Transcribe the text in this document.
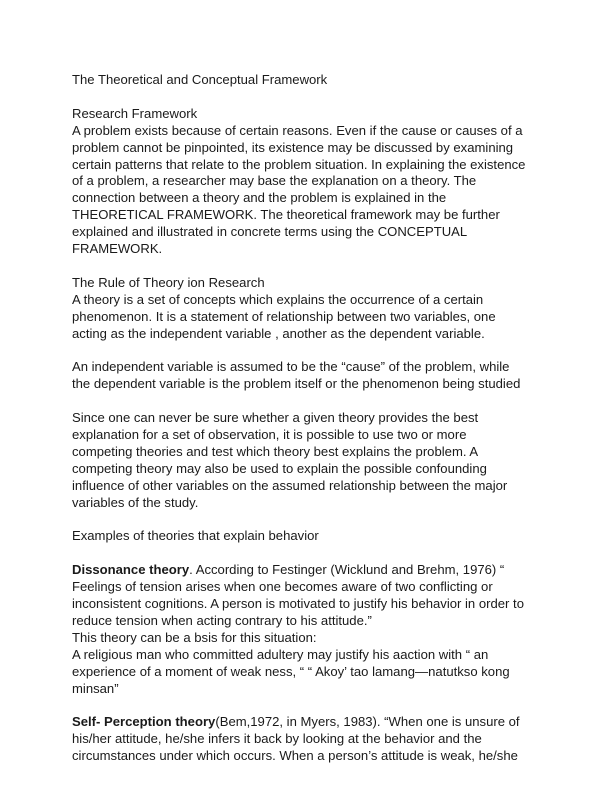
The Theoretical and Conceptual Framework

Research Framework

A problem exists because of certain reasons. Even if the cause or causes of a

problem cannot be pinpointed, its existence may be discussed by examining

certain patterns that relate to the problem situation. In explaining the existence

of a problem, a researcher may base the explanation on a theory. The

connection between a theory and the problem is explained in the

THEORETICAL FRAMEWORK. The theoretical framework may be further

explained and illustrated in concrete terms using the CONCEPTUAL

FRAMEWORK.

The Rule of Theory ion Research

A theory is a set of concepts which explains the occurrence of a certain

phenomenon. It is a statement of relationship between two variables, one

acting as the independent variable , another as the dependent variable.

An independent variable is assumed to be the “cause” of the problem, while

the dependent variable is the problem itself or the phenomenon being studied

Since one can never be sure whether a given theory provides the best

explanation for a set of observation, it is possible to use two or more

competing theories and test which theory best explains the problem. A

competing theory may also be used to explain the possible confounding

influence of other variables on the assumed relationship between the major

variables of the study.

Examples of theories that explain behavior

Dissonance theory. According to Festinger (Wicklund and Brehm, 1976) “

Feelings of tension arises when one becomes aware of two conflicting or

inconsistent cognitions. A person is motivated to justify his behavior in order to

reduce tension when acting contrary to his attitude.”

This theory can be a bsis for this situation:

A religious man who committed adultery may justify his aaction with “ an

experience of a moment of weak ness, “ “ Akoy’ tao lamang—natutkso kong

minsan”

Self- Perception theory(Bem,1972, in Myers, 1983). “When one is unsure of

his/her attitude, he/she infers it back by looking at the behavior and the

circumstances under which occurs. When a person’s attitude is weak, he/she
